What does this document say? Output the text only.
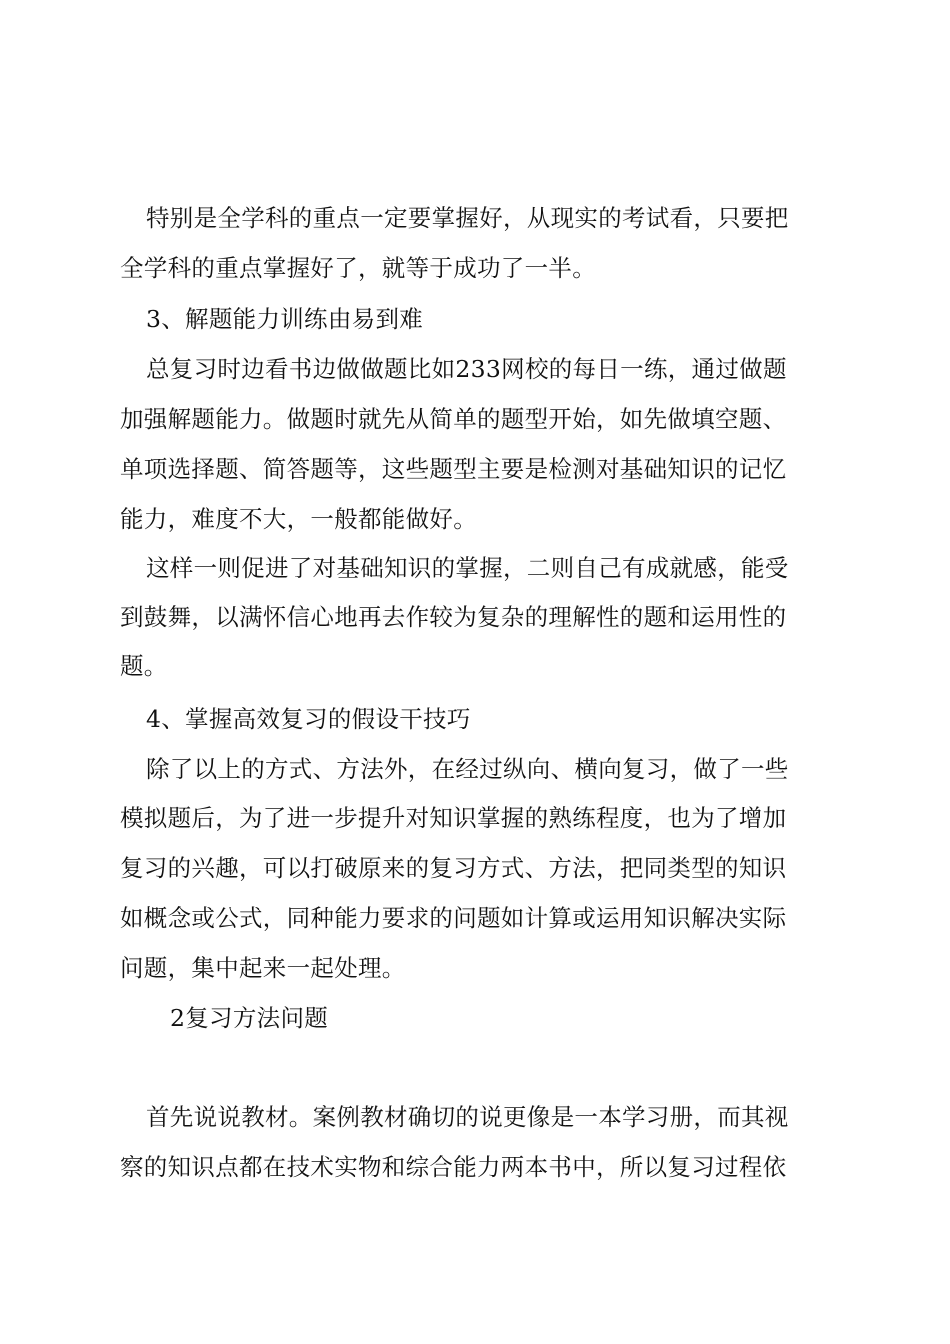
特别是全学科的重点一定要掌握好，从现实的考试看，只要把
全学科的重点掌握好了，就等于成功了一半。
3、解题能力训练由易到难
总复习时边看书边做做题比如233网校的每日一练，通过做题
加强解题能力。做题时就先从简单的题型开始，如先做填空题、
单项选择题、简答题等，这些题型主要是检测对基础知识的记忆
能力，难度不大，一般都能做好。
这样一则促进了对基础知识的掌握，二则自己有成就感，能受
到鼓舞，以满怀信心地再去作较为复杂的理解性的题和运用性的
题。
4、掌握高效复习的假设干技巧
除了以上的方式、方法外，在经过纵向、横向复习，做了一些
模拟题后，为了进一步提升对知识掌握的熟练程度，也为了增加
复习的兴趣，可以打破原来的复习方式、方法，把同类型的知识
如概念或公式，同种能力要求的问题如计算或运用知识解决实际
问题，集中起来一起处理。
2复习方法问题
首先说说教材。案例教材确切的说更像是一本学习册，而其视
察的知识点都在技术实物和综合能力两本书中，所以复习过程依
